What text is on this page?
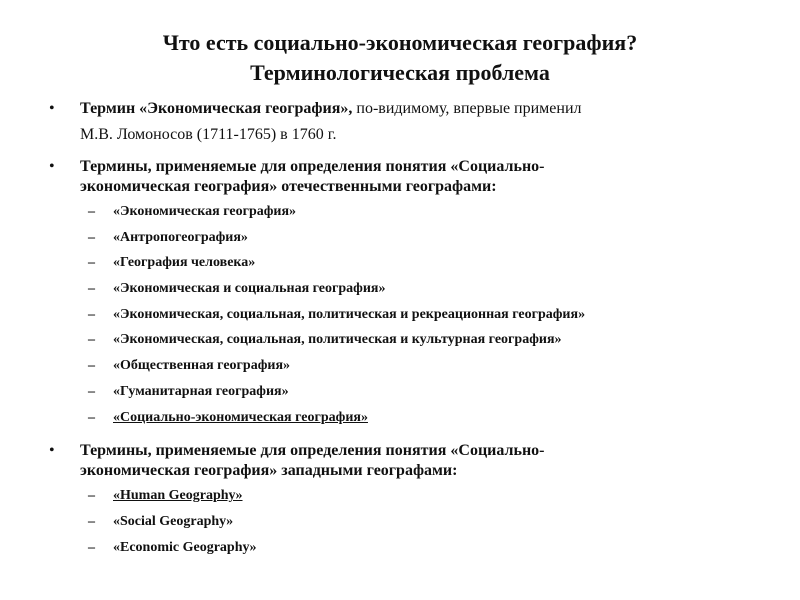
Что есть социально-экономическая география?
Терминологическая проблема
• Термин «Экономическая география», по-видимому, впервые применил
М.В. Ломоносов (1711-1765) в 1760 г.
• Термины, применяемые для определения понятия «Социально-
экономическая география» отечественными географами:
– «Экономическая география»
– «Антропогеография»
– «География человека»
– «Экономическая и социальная география»
– «Экономическая, социальная, политическая и рекреационная география»
– «Экономическая, социальная, политическая и культурная география»
– «Общественная география»
– «Гуманитарная география»
– «Социально-экономическая география»
• Термины, применяемые для определения понятия «Социально-
экономическая география» западными географами:
– «Human Geography»
– «Social Geography»
– «Economic Geography»
